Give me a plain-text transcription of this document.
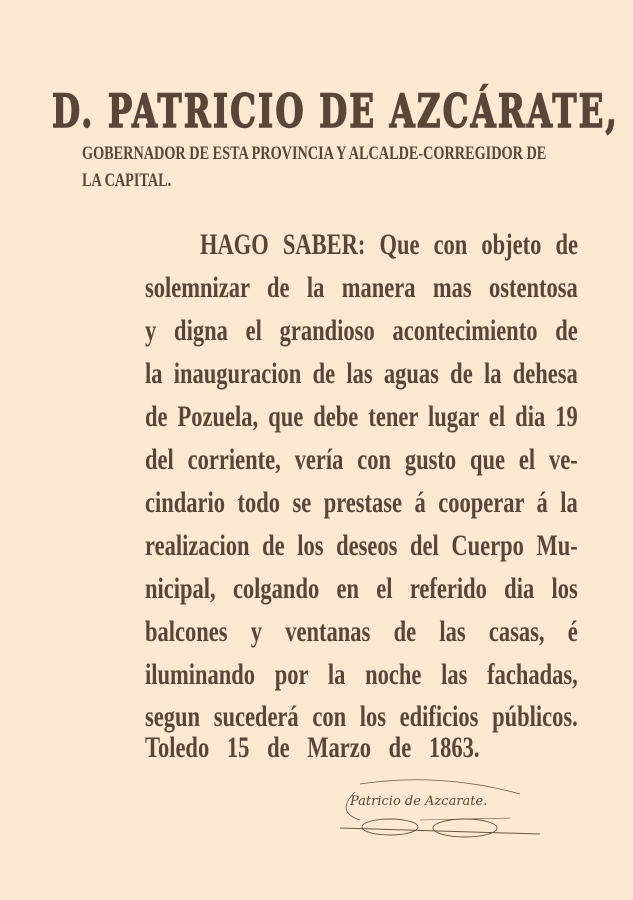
D. PATRICIO DE AZCÁRATE,
GOBERNADOR DE ESTA PROVINCIA Y ALCALDE-CORREGIDOR DE
LA CAPITAL.
HAGO SABER: Que con objeto de
solemnizar de la manera mas ostentosa
y digna el grandioso acontecimiento de
la inauguracion de las aguas de la dehesa
de Pozuela, que debe tener lugar el dia 19
del corriente, vería con gusto que el ve-
cindario todo se prestase á cooperar á la
realizacion de los deseos del Cuerpo Mu-
nicipal, colgando en el referido dia los
balcones y ventanas de las casas, é
iluminando por la noche las fachadas,
segun sucederá con los edificios públicos.
Toledo 15 de Marzo de 1863.
Patricio de Azcarate.
